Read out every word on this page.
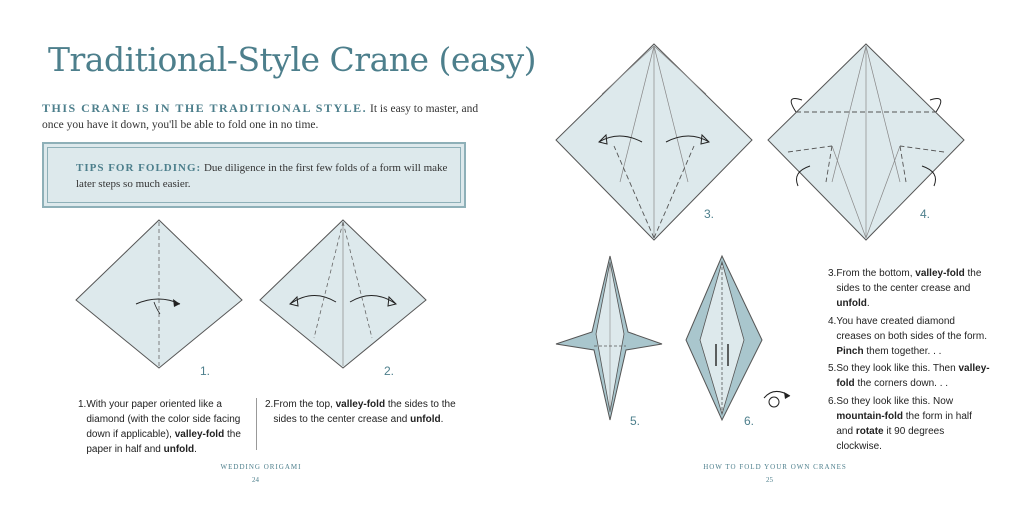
Traditional-Style Crane (easy)
THIS CRANE IS IN THE TRADITIONAL STYLE. It is easy to master, and once you have it down, you'll be able to fold one in no time.
TIPS FOR FOLDING: Due diligence in the first few folds of a form will make later steps so much easier.
1.	2.
1. With your paper oriented like a diamond (with the color side facing down if applicable), valley-fold the paper in half and unfold.
2. From the top, valley-fold the sides to the sides to the center crease and unfold.
WEDDING ORIGAMI
24
3.	4.
5.	6.
3. From the bottom, valley-fold the sides to the center crease and unfold.
4. You have created diamond creases on both sides of the form. Pinch them together. . .
5. So they look like this. Then valley-fold the corners down. . .
6. So they look like this. Now mountain-fold the form in half and rotate it 90 degrees clockwise.
HOW TO FOLD YOUR OWN CRANES
25
